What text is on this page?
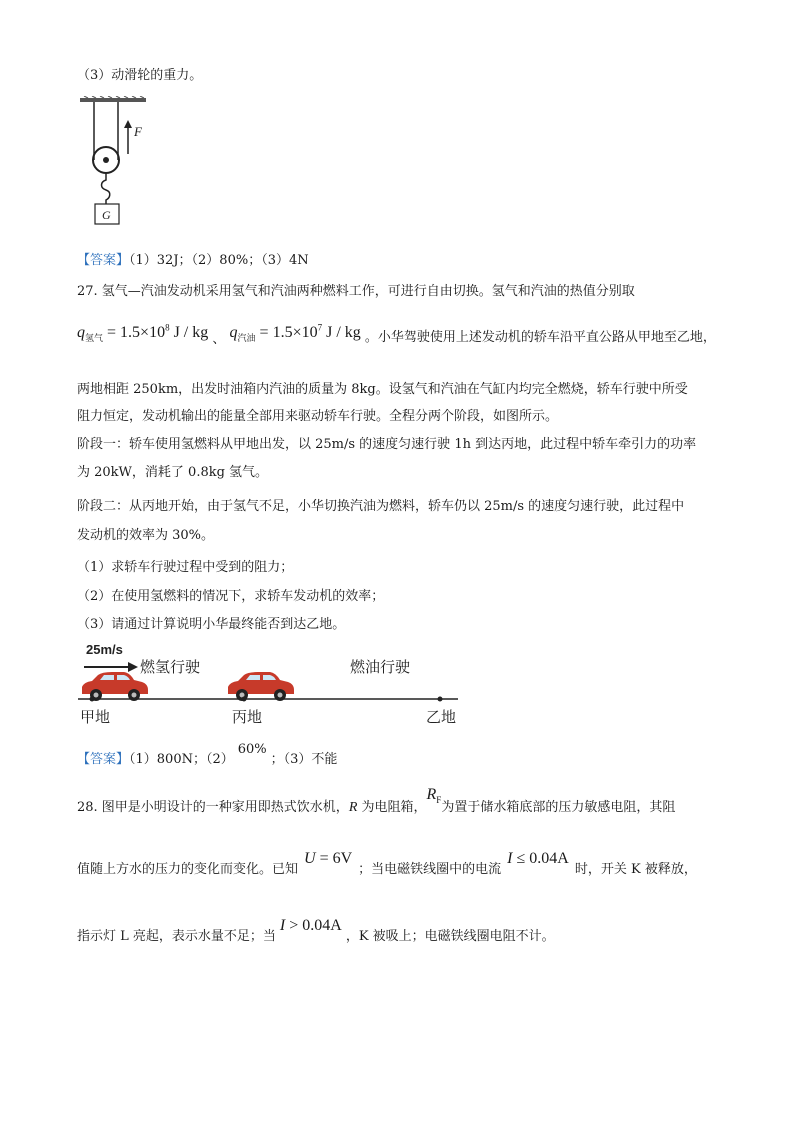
（3）动滑轮的重力。
F
G
【答案】（1）32J；（2）80%；（3）4N
27. 氢气—汽油发动机采用氢气和汽油两种燃料工作，可进行自由切换。氢气和汽油的热值分别取
$q_{氢气} = 1.5\times 10^8$ J / kg 、 $q_{汽油} = 1.5\times 10^7$ J / kg 。小华驾驶使用上述发动机的轿车沿平直公路从甲地至乙地，
两地相距 250km，出发时油箱内汽油的质量为 8kg。设氢气和汽油在气缸内均完全燃烧，轿车行驶中所受
阻力恒定，发动机输出的能量全部用来驱动轿车行驶。全程分两个阶段，如图所示。
阶段一：轿车使用氢燃料从甲地出发，以 25m/s 的速度匀速行驶 1h 到达丙地，此过程中轿车牵引力的功率
为 20kW，消耗了 0.8kg 氢气。
阶段二：从丙地开始，由于氢气不足，小华切换汽油为燃料，轿车仍以 25m/s 的速度匀速行驶，此过程中
发动机的效率为 30%。
（1）求轿车行驶过程中受到的阻力；
（2）在使用氢燃料的情况下，求轿车发动机的效率；
（3）请通过计算说明小华最终能否到达乙地。
25m/s
燃氢行驶	燃油行驶
甲地	丙地	乙地
【答案】（1）800N；（2）60%；（3）不能
28. 图甲是小明设计的一种家用即热式饮水机，R 为电阻箱，$R_F$为置于储水箱底部的压力敏感电阻，其阻
值随上方水的压力的变化而变化。已知U = 6V；当电磁铁线圈中的电流I ≤ 0.04A时，开关 K 被释放，
指示灯 L 亮起，表示水量不足；当I > 0.04A，K 被吸上；电磁铁线圈电阻不计。
